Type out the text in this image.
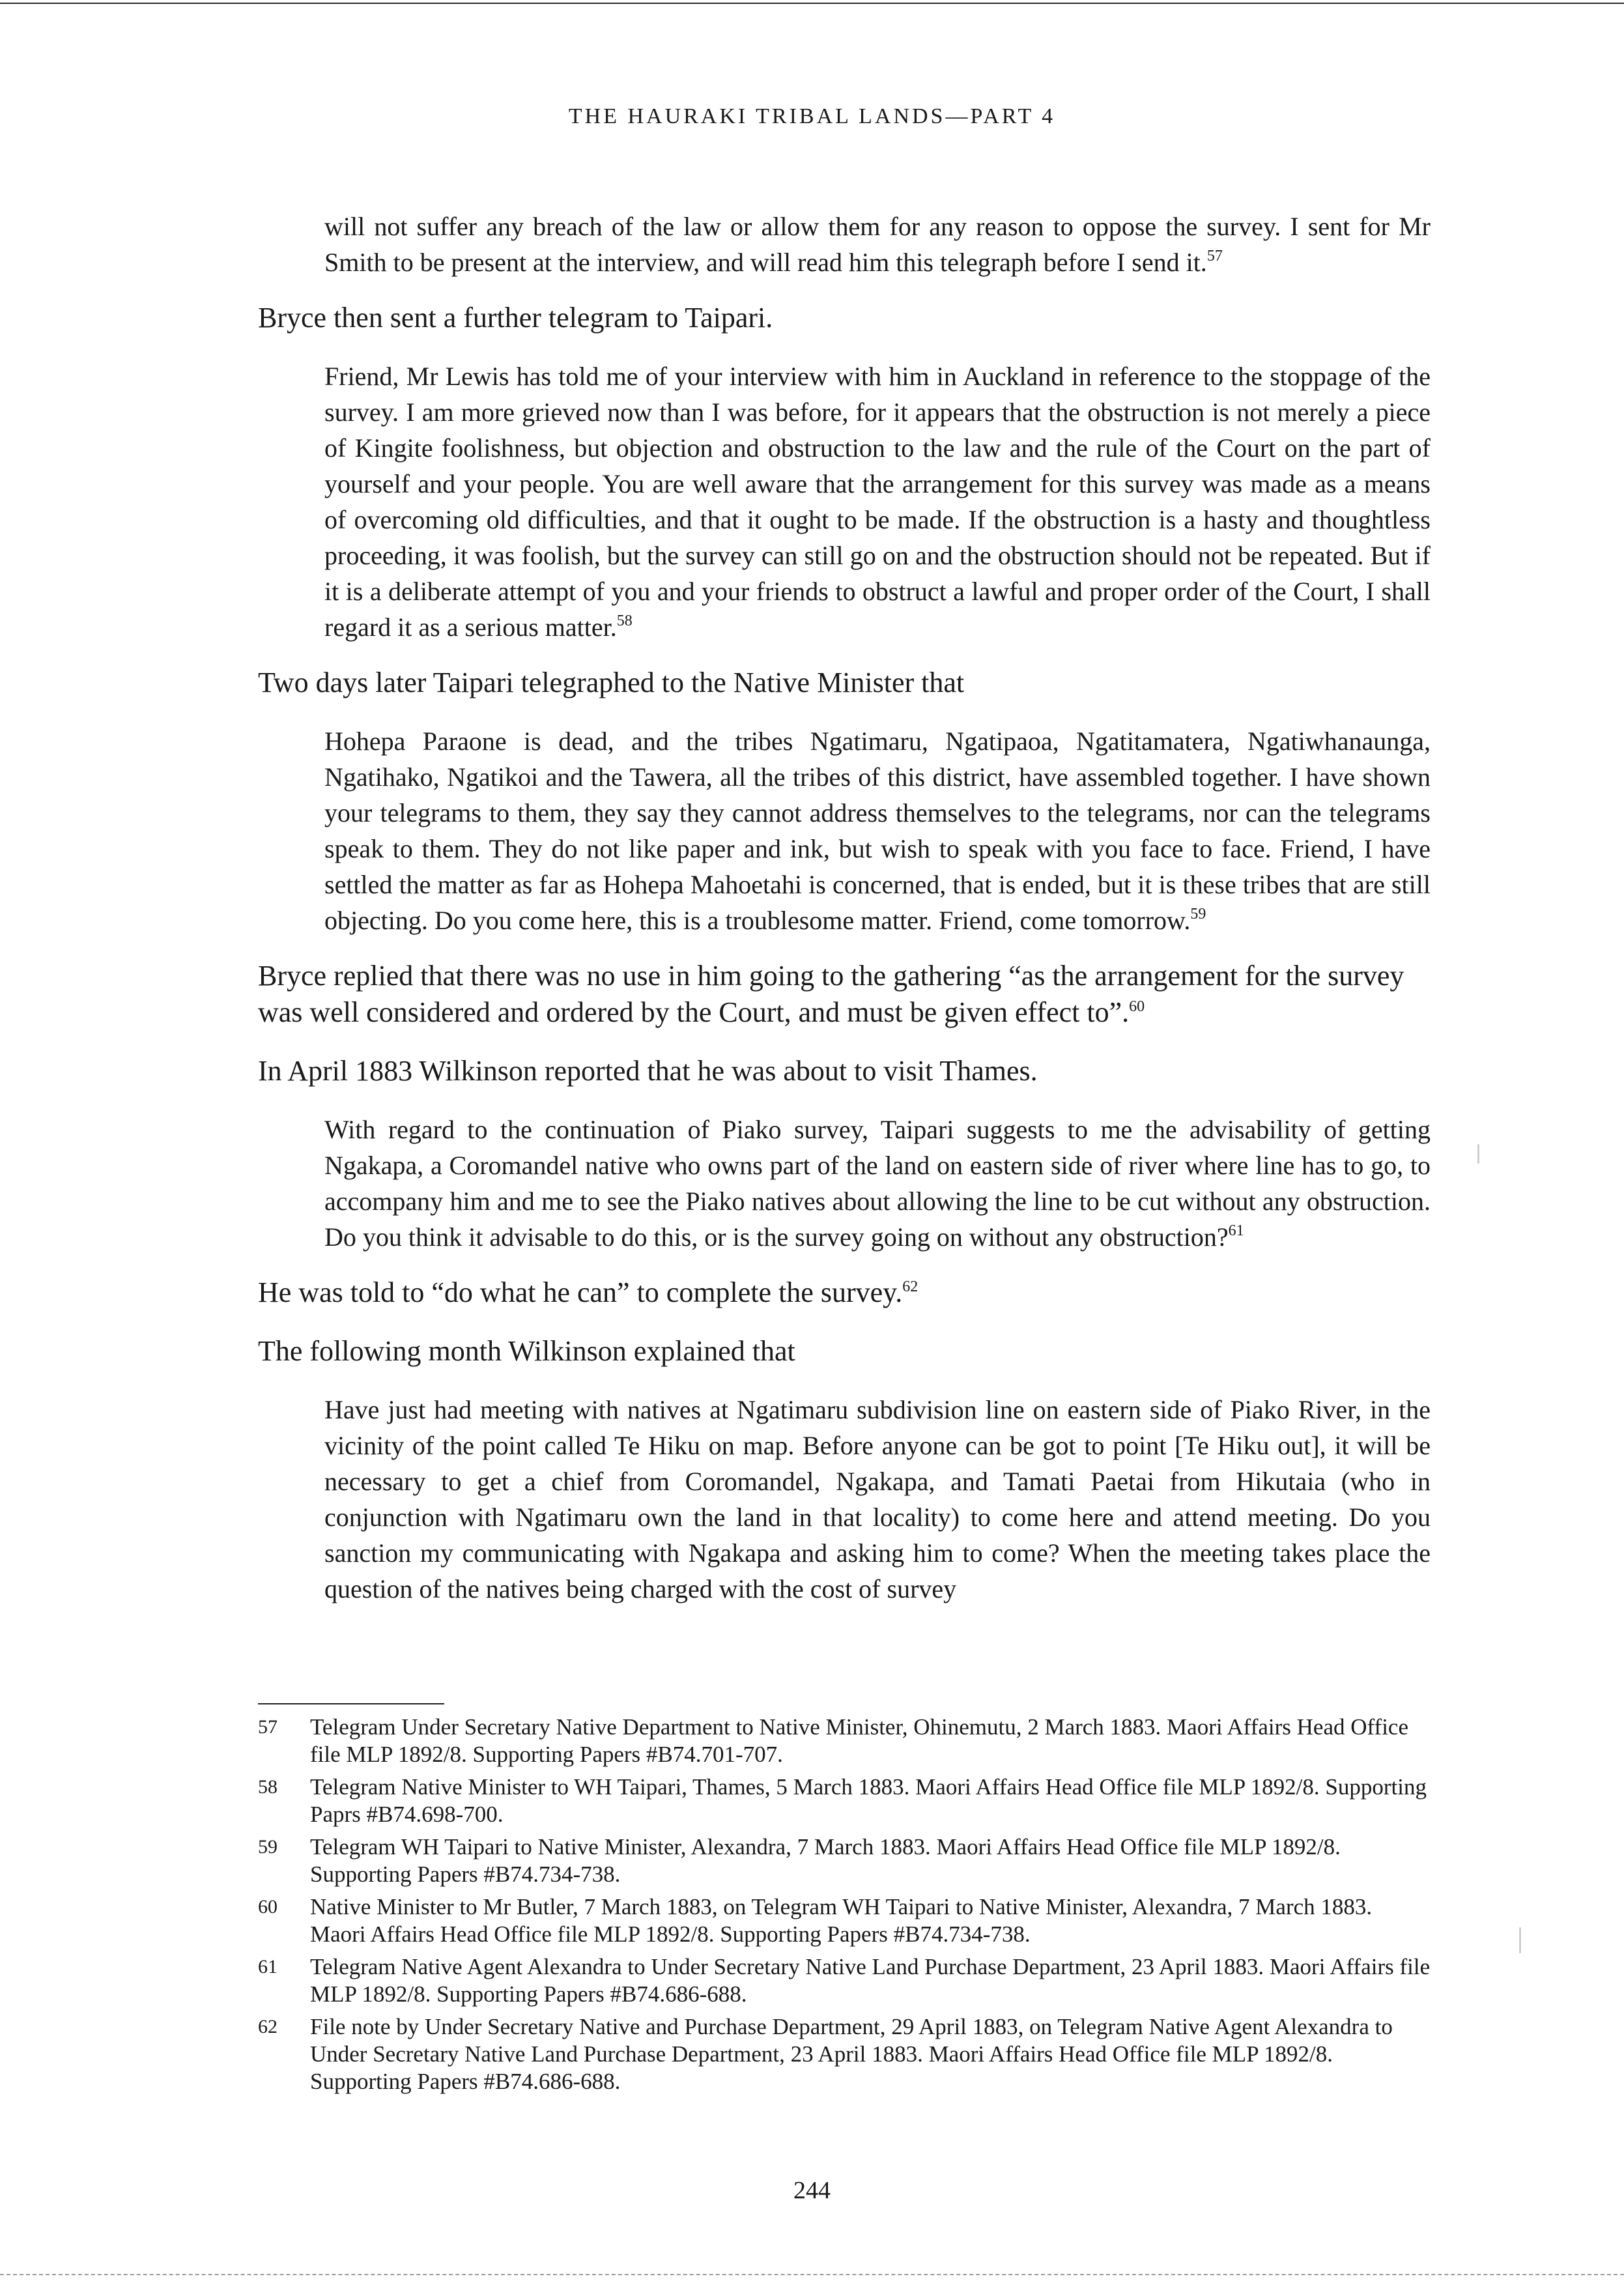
THE HAURAKI TRIBAL LANDS—PART 4

will not suffer any breach of the law or allow them for any reason to oppose the survey. I sent for Mr Smith to be present at the interview, and will read him this telegraph before I send it.$^{57}$

Bryce then sent a further telegram to Taipari.

Friend, Mr Lewis has told me of your interview with him in Auckland in reference to the stoppage of the survey. I am more grieved now than I was before, for it appears that the obstruction is not merely a piece of Kingite foolishness, but objection and obstruction to the law and the rule of the Court on the part of yourself and your people. You are well aware that the arrangement for this survey was made as a means of overcoming old difficulties, and that it ought to be made. If the obstruction is a hasty and thoughtless proceeding, it was foolish, but the survey can still go on and the obstruction should not be repeated. But if it is a deliberate attempt of you and your friends to obstruct a lawful and proper order of the Court, I shall regard it as a serious matter.$^{58}$

Two days later Taipari telegraphed to the Native Minister that

Hohepa Paraone is dead, and the tribes Ngatimaru, Ngatipaoa, Ngatitamatera, Ngatiwhanaunga, Ngatihako, Ngatikoi and the Tawera, all the tribes of this district, have assembled together. I have shown your telegrams to them, they say they cannot address themselves to the telegrams, nor can the telegrams speak to them. They do not like paper and ink, but wish to speak with you face to face. Friend, I have settled the matter as far as Hohepa Mahoetahi is concerned, that is ended, but it is these tribes that are still objecting. Do you come here, this is a troublesome matter. Friend, come tomorrow.$^{59}$

Bryce replied that there was no use in him going to the gathering “as the arrangement for the survey was well considered and ordered by the Court, and must be given effect to”.$^{60}$

In April 1883 Wilkinson reported that he was about to visit Thames.

With regard to the continuation of Piako survey, Taipari suggests to me the advisability of getting Ngakapa, a Coromandel native who owns part of the land on eastern side of river where line has to go, to accompany him and me to see the Piako natives about allowing the line to be cut without any obstruction. Do you think it advisable to do this, or is the survey going on without any obstruction?$^{61}$

He was told to “do what he can” to complete the survey.$^{62}$

The following month Wilkinson explained that

Have just had meeting with natives at Ngatimaru subdivision line on eastern side of Piako River, in the vicinity of the point called Te Hiku on map. Before anyone can be got to point [Te Hiku out], it will be necessary to get a chief from Coromandel, Ngakapa, and Tamati Paetai from Hikutaia (who in conjunction with Ngatimaru own the land in that locality) to come here and attend meeting. Do you sanction my communicating with Ngakapa and asking him to come? When the meeting takes place the question of the natives being charged with the cost of survey

57	Telegram Under Secretary Native Department to Native Minister, Ohinemutu, 2 March 1883. Maori Affairs Head Office file MLP 1892/8. Supporting Papers #B74.701-707.
58	Telegram Native Minister to WH Taipari, Thames, 5 March 1883. Maori Affairs Head Office file MLP 1892/8. Supporting Paprs #B74.698-700.
59	Telegram WH Taipari to Native Minister, Alexandra, 7 March 1883. Maori Affairs Head Office file MLP 1892/8. Supporting Papers #B74.734-738.
60	Native Minister to Mr Butler, 7 March 1883, on Telegram WH Taipari to Native Minister, Alexandra, 7 March 1883. Maori Affairs Head Office file MLP 1892/8. Supporting Papers #B74.734-738.
61	Telegram Native Agent Alexandra to Under Secretary Native Land Purchase Department, 23 April 1883. Maori Affairs file MLP 1892/8. Supporting Papers #B74.686-688.
62	File note by Under Secretary Native and Purchase Department, 29 April 1883, on Telegram Native Agent Alexandra to Under Secretary Native Land Purchase Department, 23 April 1883. Maori Affairs Head Office file MLP 1892/8. Supporting Papers #B74.686-688.
244
